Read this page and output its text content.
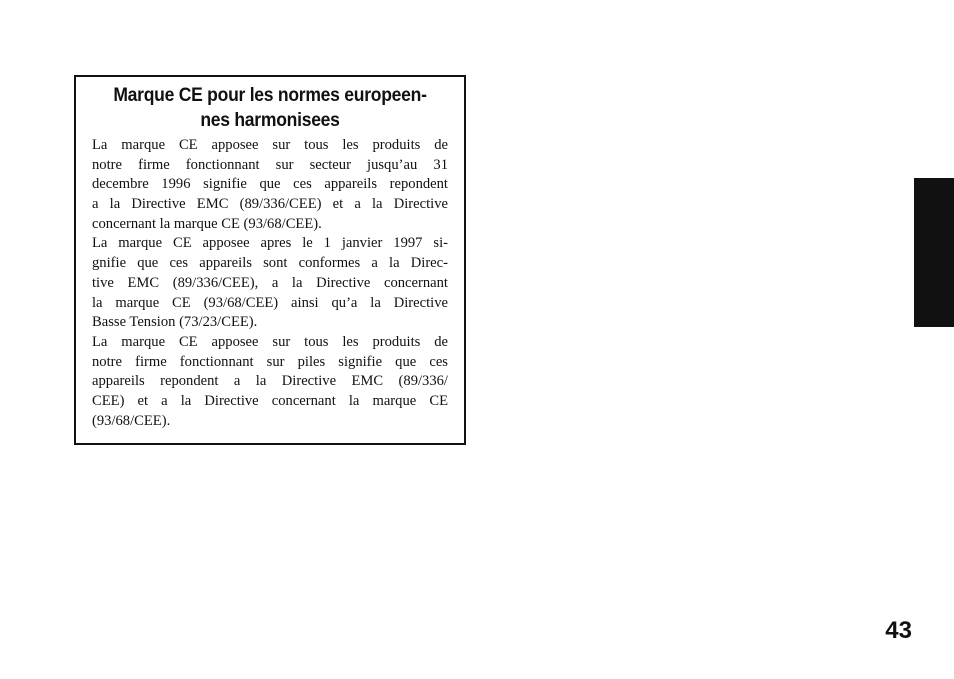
Marque CE pour les normes europeen-
nes harmonisees
La marque CE apposee sur tous les produits de
notre firme fonctionnant sur secteur jusqu’au 31
decembre 1996 signifie que ces appareils repondent
a la Directive EMC (89/336/CEE) et a la Directive
concernant la marque CE (93/68/CEE).
La marque CE apposee apres le 1 janvier 1997 si-
gnifie que ces appareils sont conformes a la Direc-
tive EMC (89/336/CEE), a la Directive concernant
la marque CE (93/68/CEE) ainsi qu’a la Directive
Basse Tension (73/23/CEE).
La marque CE apposee sur tous les produits de
notre firme fonctionnant sur piles signifie que ces
appareils repondent a la Directive EMC (89/336/
CEE) et a la Directive concernant la marque CE
(93/68/CEE).
43
